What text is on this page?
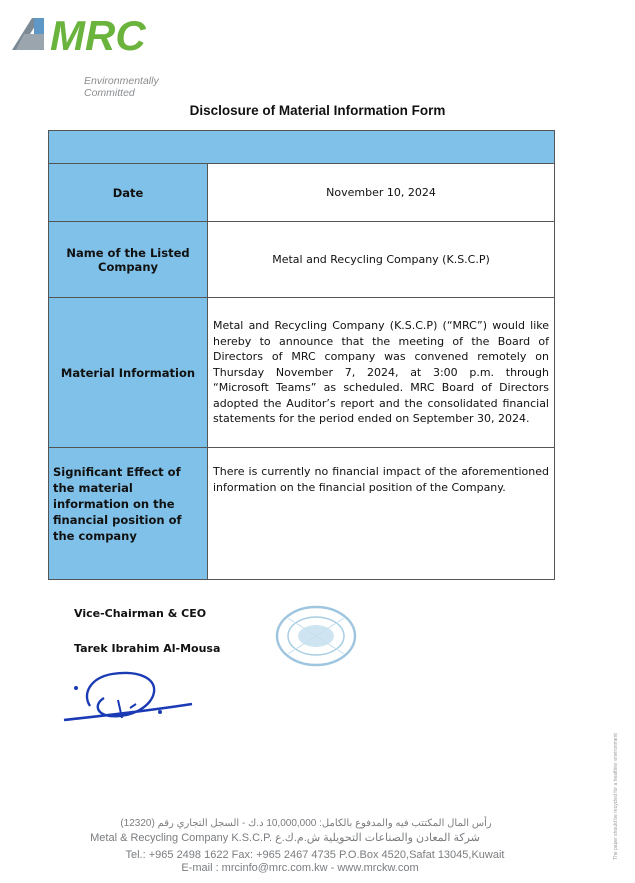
MRC
Environmentally Committed
Disclosure of Material Information Form

Date	November 10, 2024
Name of the Listed Company	Metal and Recycling Company (K.S.C.P)
Material Information	Metal and Recycling Company (K.S.C.P) (“MRC”) would like hereby to announce that the meeting of the Board of Directors of MRC company was convened remotely on Thursday November 7, 2024, at 3:00 p.m. through “Microsoft Teams” as scheduled. MRC Board of Directors adopted the Auditor’s report and the consolidated financial statements for the period ended on September 30, 2024.
Significant Effect of the material information on the financial position of the company	There is currently no financial impact of the aforementioned information on the financial position of the Company.
Vice-Chairman & CEO
Tarek Ibrahim Al-Mousa
رأس المال المكتتب فيه والمدفوع بالكامل: 10,000,000 د.ك - السجل التجاري رقم (12320)
Metal & Recycling Company K.S.C.P. شركة المعادن والصناعات التحويلية ش.م.ك.ع
Tel.: +965 2498 1622 Fax: +965 2467 4735 P.O.Box 4520,Safat 13045,Kuwait
E-mail : mrcinfo@mrc.com.kw - www.mrckw.com
The paper should be recycled for a healthier environment
